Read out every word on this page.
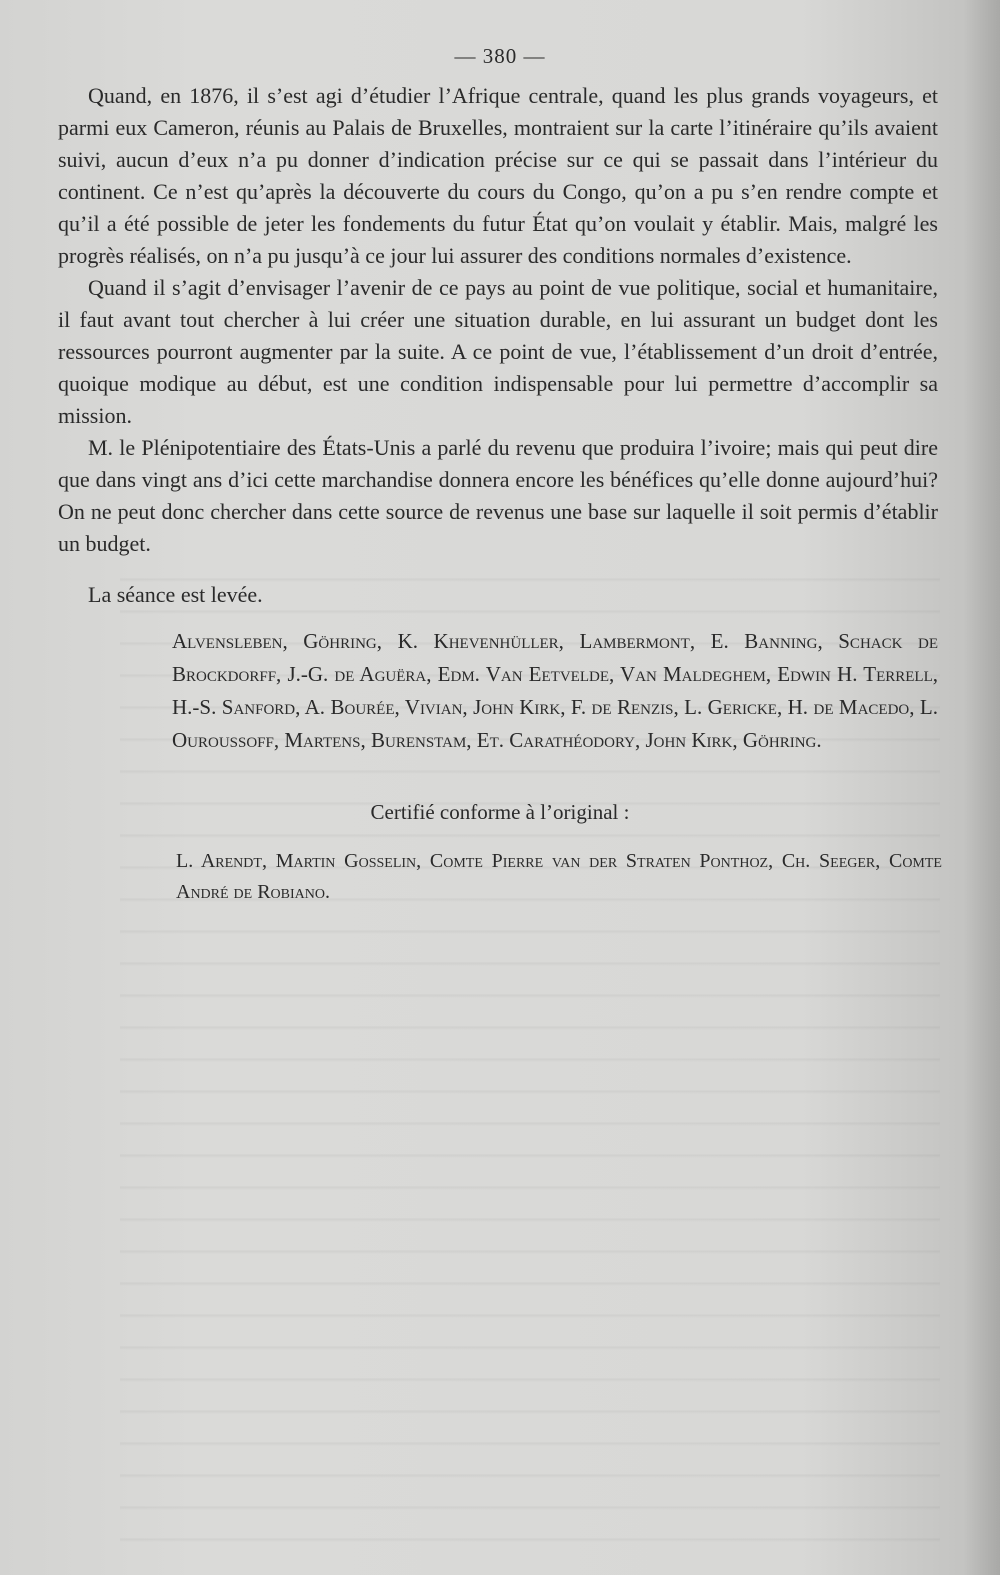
— 380 —

Quand, en 1876, il s’est agi d’étudier l’Afrique centrale, quand les plus grands voyageurs, et parmi eux Cameron, réunis au Palais de Bruxelles, montraient sur la carte l’itinéraire qu’ils avaient suivi, aucun d’eux n’a pu donner d’indication précise sur ce qui se passait dans l’intérieur du continent. Ce n’est qu’après la découverte du cours du Congo, qu’on a pu s’en rendre compte et qu’il a été possible de jeter les fondements du futur État qu’on voulait y établir. Mais, malgré les progrès réalisés, on n’a pu jusqu’à ce jour lui assurer des conditions normales d’existence.

Quand il s’agit d’envisager l’avenir de ce pays au point de vue politique, social et humanitaire, il faut avant tout chercher à lui créer une situation durable, en lui assurant un budget dont les ressources pourront augmenter par la suite. A ce point de vue, l’établissement d’un droit d’entrée, quoique modique au début, est une condition indispensable pour lui permettre d’accomplir sa mission.

M. le Plénipotentiaire des États-Unis a parlé du revenu que produira l’ivoire; mais qui peut dire que dans vingt ans d’ici cette marchandise donnera encore les bénéfices qu’elle donne aujourd’hui? On ne peut donc chercher dans cette source de revenus une base sur laquelle il soit permis d’établir un budget.

La séance est levée.
Alvensleben, Göhring, K. Khevenhüller, Lambermont, E. Banning, Schack de Brockdorff, J.-G. de Aguëra, Edm. Van Eetvelde, Van Maldeghem, Edwin H. Terrell, H.-S. Sanford, A. Bourée, Vivian, John Kirk, F. de Renzis, L. Gericke, H. de Macedo, L. Ouroussoff, Martens, Burenstam, Et. Carathéodory, John Kirk, Göhring.
Certifié conforme à l’original :
L. Arendt, Martin Gosselin, Comte Pierre van der Straten Ponthoz, Ch. Seeger, Comte André de Robiano.
